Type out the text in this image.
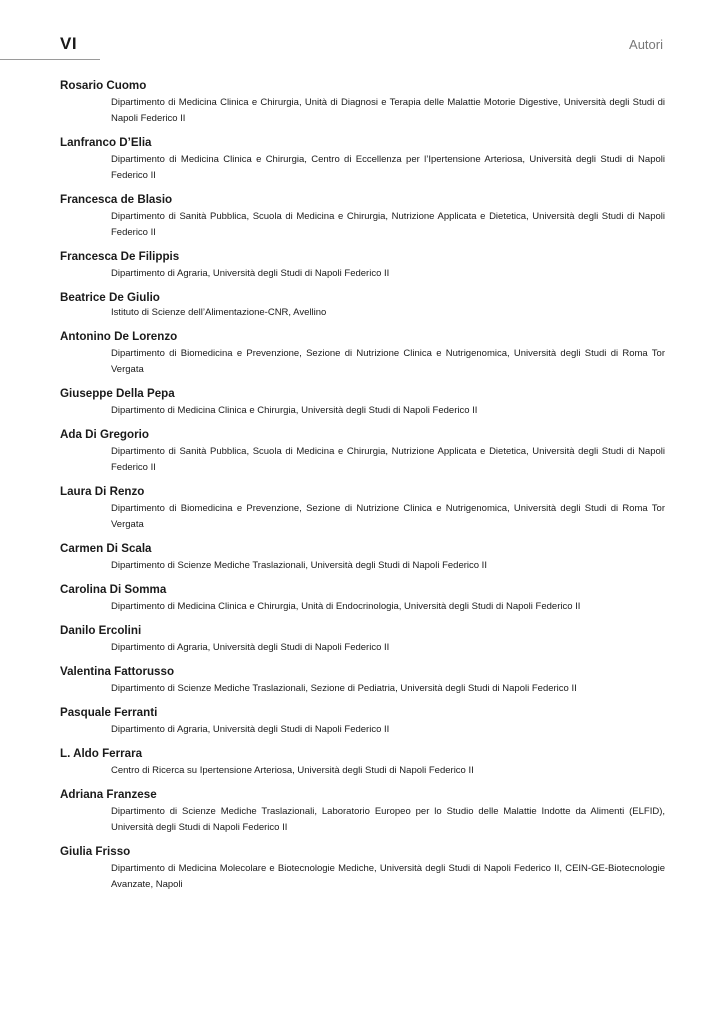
VI	Autori
Rosario Cuomo
Dipartimento di Medicina Clinica e Chirurgia, Unità di Diagnosi e Terapia delle Malattie Motorie Digestive, Università degli Studi di Napoli Federico II
Lanfranco D’Elia
Dipartimento di Medicina Clinica e Chirurgia, Centro di Eccellenza per l’Ipertensione Arteriosa, Università degli Studi di Napoli Federico II
Francesca de Blasio
Dipartimento di Sanità Pubblica, Scuola di Medicina e Chirurgia, Nutrizione Applicata e Dietetica, Università degli Studi di Napoli Federico II
Francesca De Filippis
Dipartimento di Agraria, Università degli Studi di Napoli Federico II
Beatrice De Giulio
Istituto di Scienze dell’Alimentazione-CNR, Avellino
Antonino De Lorenzo
Dipartimento di Biomedicina e Prevenzione, Sezione di Nutrizione Clinica e Nutrigenomica, Università degli Studi di Roma Tor Vergata
Giuseppe Della Pepa
Dipartimento di Medicina Clinica e Chirurgia, Università degli Studi di Napoli Federico II
Ada Di Gregorio
Dipartimento di Sanità Pubblica, Scuola di Medicina e Chirurgia, Nutrizione Applicata e Dietetica, Università degli Studi di Napoli Federico II
Laura Di Renzo
Dipartimento di Biomedicina e Prevenzione, Sezione di Nutrizione Clinica e Nutrigenomica, Università degli Studi di Roma Tor Vergata
Carmen Di Scala
Dipartimento di Scienze Mediche Traslazionali, Università degli Studi di Napoli Federico II
Carolina Di Somma
Dipartimento di Medicina Clinica e Chirurgia, Unità di Endocrinologia, Università degli Studi di Napoli Federico II
Danilo Ercolini
Dipartimento di Agraria, Università degli Studi di Napoli Federico II
Valentina Fattorusso
Dipartimento di Scienze Mediche Traslazionali, Sezione di Pediatria, Università degli Studi di Napoli Federico II
Pasquale Ferranti
Dipartimento di Agraria, Università degli Studi di Napoli Federico II
L. Aldo Ferrara
Centro di Ricerca su Ipertensione Arteriosa, Università degli Studi di Napoli Federico II
Adriana Franzese
Dipartimento di Scienze Mediche Traslazionali, Laboratorio Europeo per lo Studio delle Malattie Indotte da Alimenti (ELFID), Università degli Studi di Napoli Federico II
Giulia Frisso
Dipartimento di Medicina Molecolare e Biotecnologie Mediche, Università degli Studi di Napoli Federico II, CEIN-GE-Biotecnologie Avanzate, Napoli
